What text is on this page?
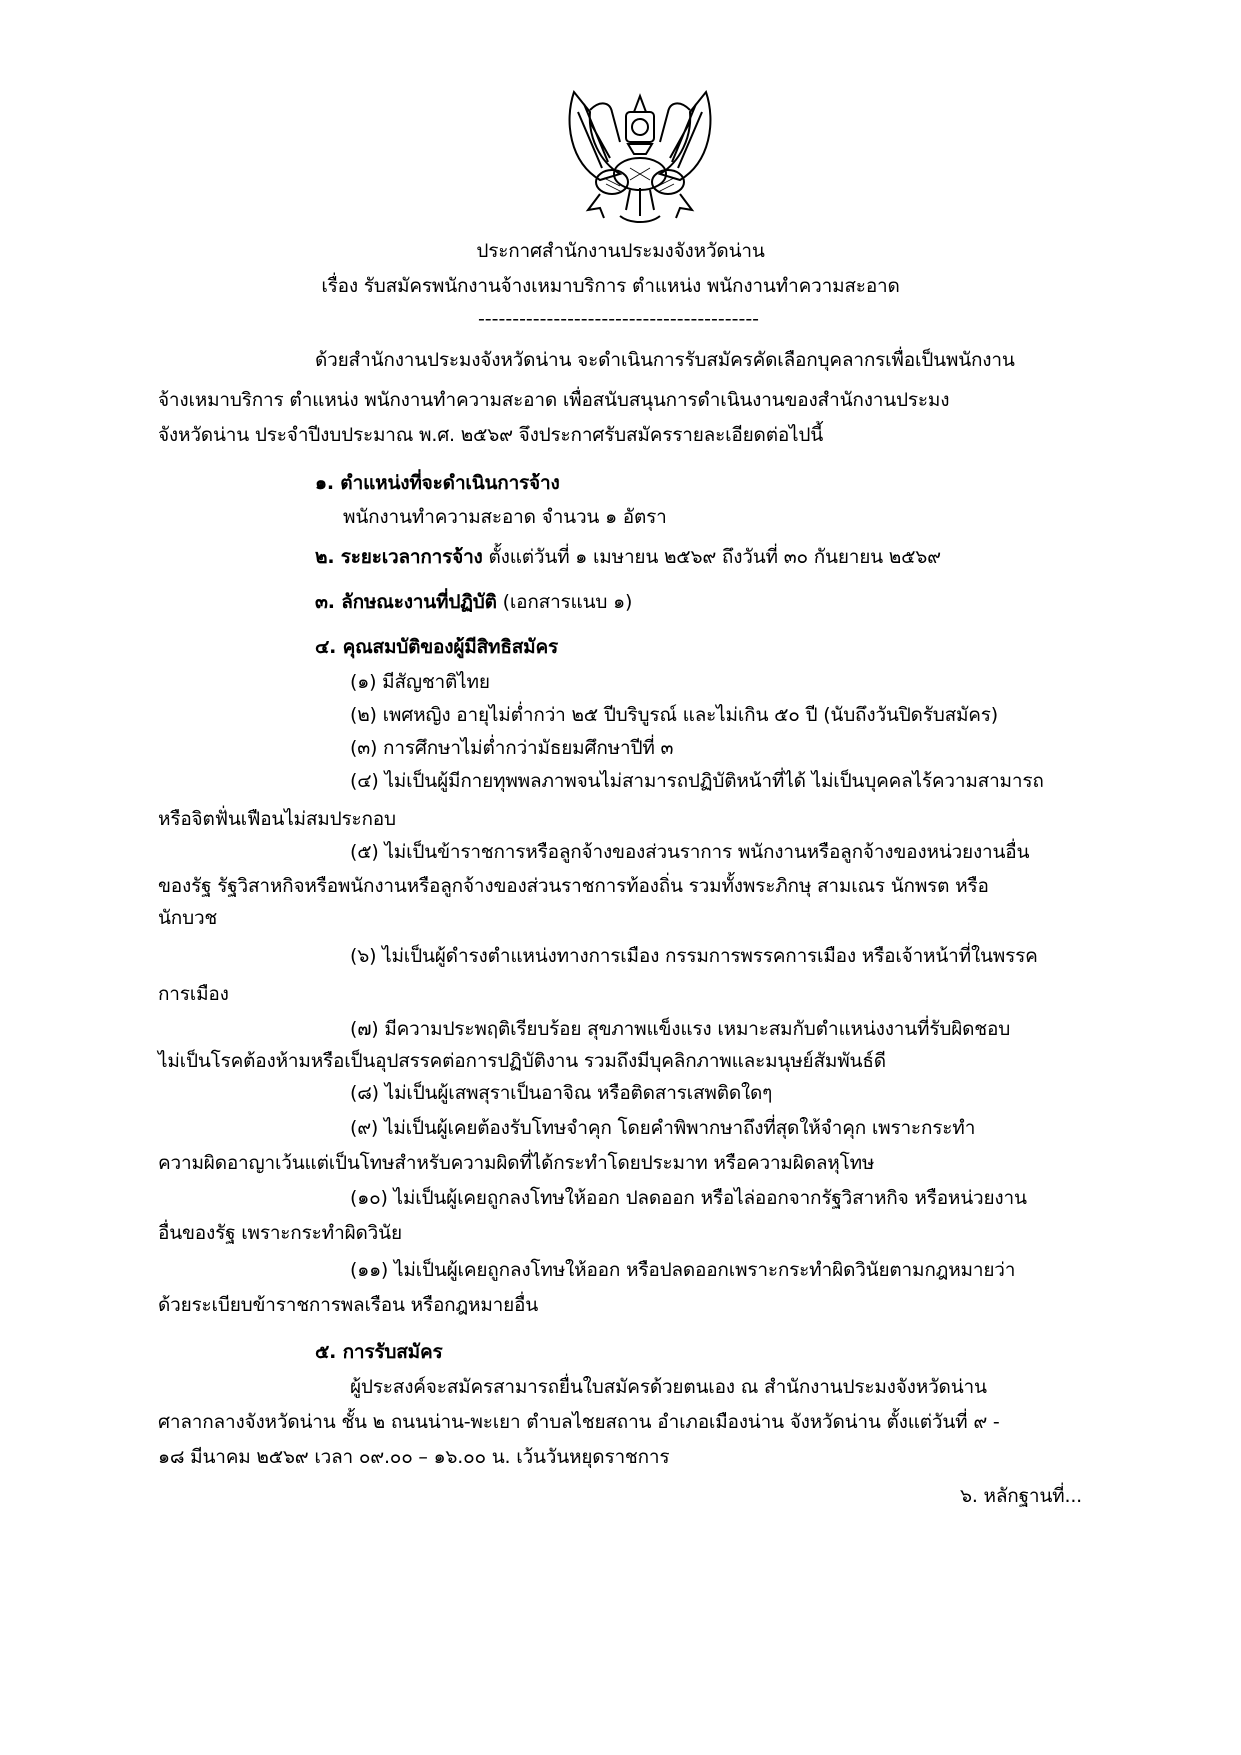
ประกาศสำนักงานประมงจังหวัดน่าน
เรื่อง รับสมัครพนักงานจ้างเหมาบริการ ตำแหน่ง พนักงานทำความสะอาด
-----------------------------------------
ด้วยสำนักงานประมงจังหวัดน่าน จะดำเนินการรับสมัครคัดเลือกบุคลากรเพื่อเป็นพนักงาน
จ้างเหมาบริการ ตำแหน่ง พนักงานทำความสะอาด เพื่อสนับสนุนการดำเนินงานของสำนักงานประมง
จังหวัดน่าน ประจำปีงบประมาณ พ.ศ. ๒๕๖๙ จึงประกาศรับสมัครรายละเอียดต่อไปนี้
๑. ตำแหน่งที่จะดำเนินการจ้าง
พนักงานทำความสะอาด จำนวน ๑ อัตรา
๒. ระยะเวลาการจ้าง ตั้งแต่วันที่ ๑ เมษายน ๒๕๖๙ ถึงวันที่ ๓๐ กันยายน ๒๕๖๙
๓. ลักษณะงานที่ปฏิบัติ (เอกสารแนบ ๑)
๔. คุณสมบัติของผู้มีสิทธิสมัคร
(๑) มีสัญชาติไทย
(๒) เพศหญิง อายุไม่ต่ำกว่า ๒๕ ปีบริบูรณ์ และไม่เกิน ๕๐ ปี (นับถึงวันปิดรับสมัคร)
(๓) การศึกษาไม่ต่ำกว่ามัธยมศึกษาปีที่ ๓
(๔) ไม่เป็นผู้มีกายทุพพลภาพจนไม่สามารถปฏิบัติหน้าที่ได้ ไม่เป็นบุคคลไร้ความสามารถ
หรือจิตฟั่นเฟือนไม่สมประกอบ
(๕) ไม่เป็นข้าราชการหรือลูกจ้างของส่วนราการ พนักงานหรือลูกจ้างของหน่วยงานอื่น
ของรัฐ รัฐวิสาหกิจหรือพนักงานหรือลูกจ้างของส่วนราชการท้องถิ่น รวมทั้งพระภิกษุ สามเณร นักพรต หรือ
นักบวช
(๖) ไม่เป็นผู้ดำรงตำแหน่งทางการเมือง กรรมการพรรคการเมือง หรือเจ้าหน้าที่ในพรรค
การเมือง
(๗) มีความประพฤติเรียบร้อย สุขภาพแข็งแรง เหมาะสมกับตำแหน่งงานที่รับผิดชอบ
ไม่เป็นโรคต้องห้ามหรือเป็นอุปสรรคต่อการปฏิบัติงาน รวมถึงมีบุคลิกภาพและมนุษย์สัมพันธ์ดี
(๘) ไม่เป็นผู้เสพสุราเป็นอาจิณ หรือติดสารเสพติดใดๆ
(๙) ไม่เป็นผู้เคยต้องรับโทษจำคุก โดยคำพิพากษาถึงที่สุดให้จำคุก เพราะกระทำ
ความผิดอาญาเว้นแต่เป็นโทษสำหรับความผิดที่ได้กระทำโดยประมาท หรือความผิดลหุโทษ
(๑๐) ไม่เป็นผู้เคยถูกลงโทษให้ออก ปลดออก หรือไล่ออกจากรัฐวิสาหกิจ หรือหน่วยงาน
อื่นของรัฐ เพราะกระทำผิดวินัย
(๑๑) ไม่เป็นผู้เคยถูกลงโทษให้ออก หรือปลดออกเพราะกระทำผิดวินัยตามกฎหมายว่า
ด้วยระเบียบข้าราชการพลเรือน หรือกฎหมายอื่น
๕. การรับสมัคร
ผู้ประสงค์จะสมัครสามารถยื่นใบสมัครด้วยตนเอง ณ สำนักงานประมงจังหวัดน่าน
ศาลากลางจังหวัดน่าน ชั้น ๒ ถนนน่าน-พะเยา ตำบลไชยสถาน อำเภอเมืองน่าน จังหวัดน่าน ตั้งแต่วันที่ ๙ -
๑๘ มีนาคม ๒๕๖๙ เวลา ๐๙.๐๐ – ๑๖.๐๐ น. เว้นวันหยุดราชการ
๖. หลักฐานที่...
